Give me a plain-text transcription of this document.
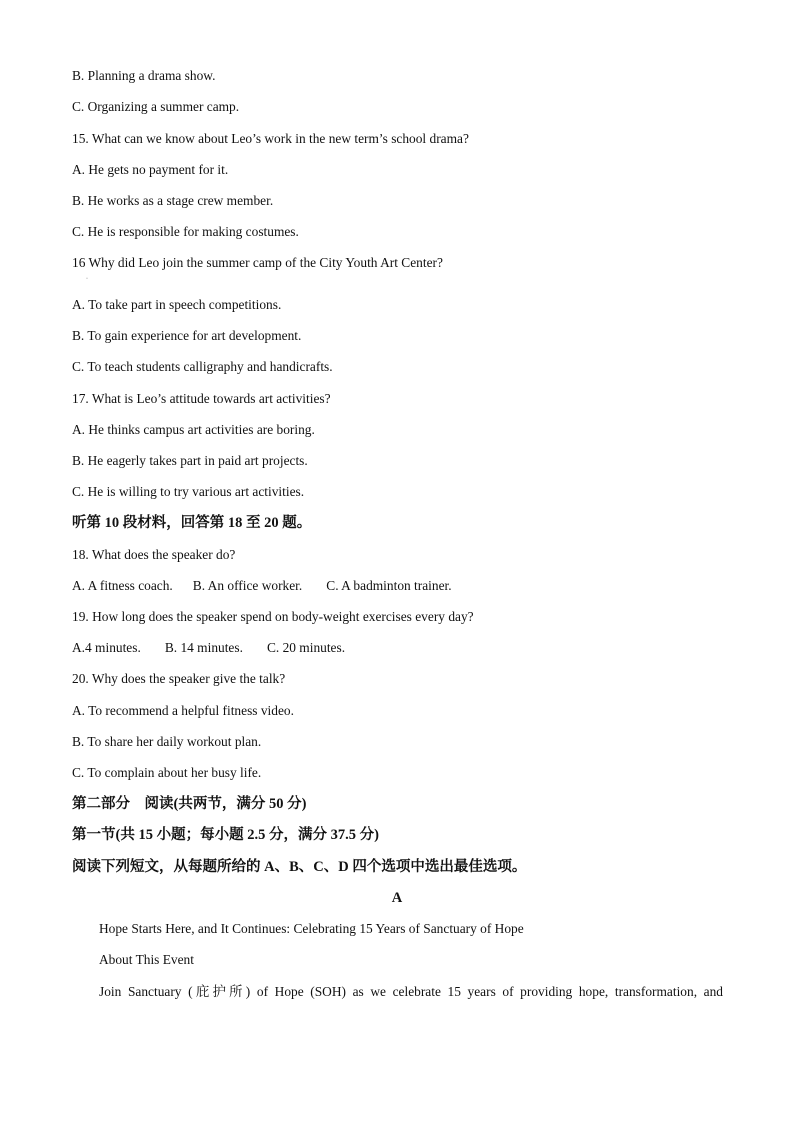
B. Planning a drama show.
C. Organizing a summer camp.
15. What can we know about Leo’s work in the new term’s school drama?
A. He gets no payment for it.
B. He works as a stage crew member.
C. He is responsible for making costumes.
16 Why did Leo join the summer camp of the City Youth Art Center?
·
A. To take part in speech competitions.
B. To gain experience for art development.
C. To teach students calligraphy and handicrafts.
17. What is Leo’s attitude towards art activities?
A. He thinks campus art activities are boring.
B. He eagerly takes part in paid art projects.
C. He is willing to try various art activities.
听第 10 段材料，回答第 18 至 20 题。
18. What does the speaker do?
A. A fitness coach. B. An office worker. C. A badminton trainer.
19. How long does the speaker spend on body-weight exercises every day?
A.4 minutes. B. 14 minutes. C. 20 minutes.
20. Why does the speaker give the talk?
A. To recommend a helpful fitness video.
B. To share her daily workout plan.
C. To complain about her busy life.
第二部分　阅读(共两节，满分 50 分)
第一节(共 15 小题；每小题 2.5 分，满分 37.5 分)
阅读下列短文，从每题所给的 A、B、C、D 四个选项中选出最佳选项。
A
Hope Starts Here, and It Continues: Celebrating 15 Years of Sanctuary of Hope
About This Event
Join Sanctuary (庇护所) of Hope (SOH) as we celebrate 15 years of providing hope, transformation, and
